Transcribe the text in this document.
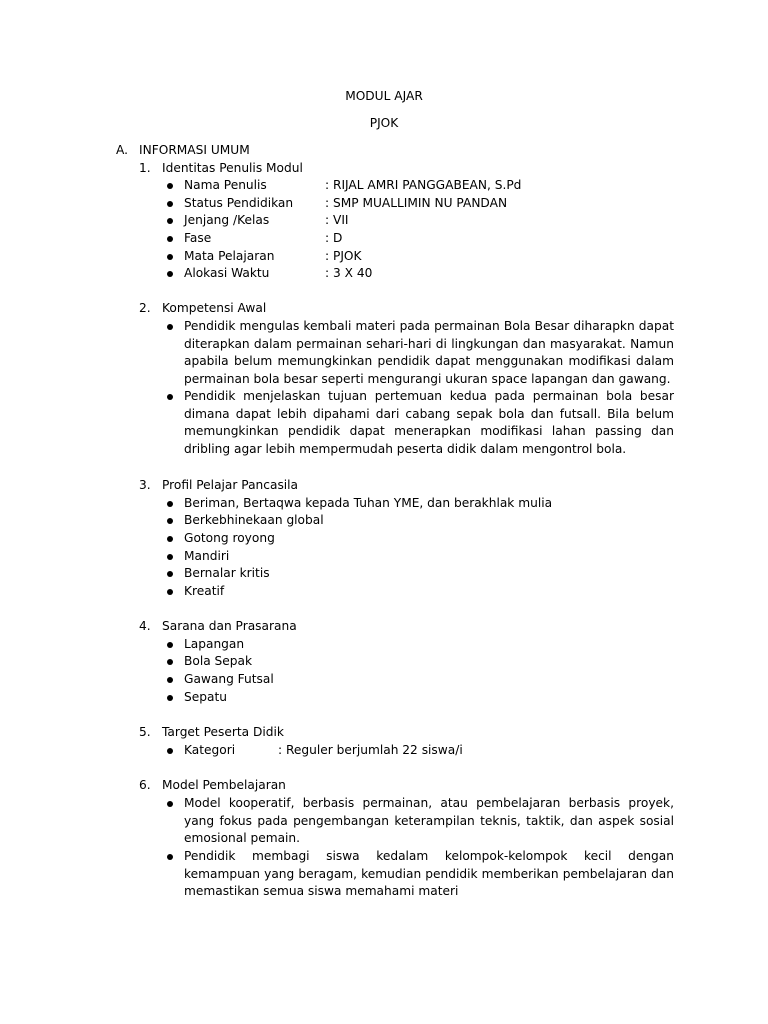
MODUL AJAR
PJOK
A. INFORMASI UMUM
1. Identitas Penulis Modul
Nama Penulis	: RIJAL AMRI PANGGABEAN, S.Pd
Status Pendidikan	: SMP MUALLIMIN NU PANDAN
Jenjang /Kelas	: VII
Fase	: D
Mata Pelajaran	: PJOK
Alokasi Waktu	: 3 X 40
2. Kompetensi Awal
Pendidik mengulas kembali materi pada permainan Bola Besar diharapkn dapat diterapkan dalam permainan sehari-hari di lingkungan dan masyarakat. Namun apabila belum memungkinkan pendidik dapat menggunakan modifikasi dalam permainan bola besar seperti mengurangi ukuran space lapangan dan gawang.
Pendidik menjelaskan tujuan pertemuan kedua pada permainan bola besar dimana dapat lebih dipahami dari cabang sepak bola dan futsall. Bila belum memungkinkan pendidik dapat menerapkan modifikasi lahan passing dan dribling agar lebih mempermudah peserta didik dalam mengontrol bola.
3. Profil Pelajar Pancasila
Beriman, Bertaqwa kepada Tuhan YME, dan berakhlak mulia
Berkebhinekaan global
Gotong royong
Mandiri
Bernalar kritis
Kreatif
4. Sarana dan Prasarana
Lapangan
Bola Sepak
Gawang Futsal
Sepatu
5. Target Peserta Didik
Kategori	: Reguler berjumlah 22 siswa/i
6. Model Pembelajaran
Model kooperatif, berbasis permainan, atau pembelajaran berbasis proyek, yang fokus pada pengembangan keterampilan teknis, taktik, dan aspek sosial emosional pemain.
Pendidik membagi siswa kedalam kelompok-kelompok kecil dengan kemampuan yang beragam, kemudian pendidik memberikan pembelajaran dan memastikan semua siswa memahami materi
